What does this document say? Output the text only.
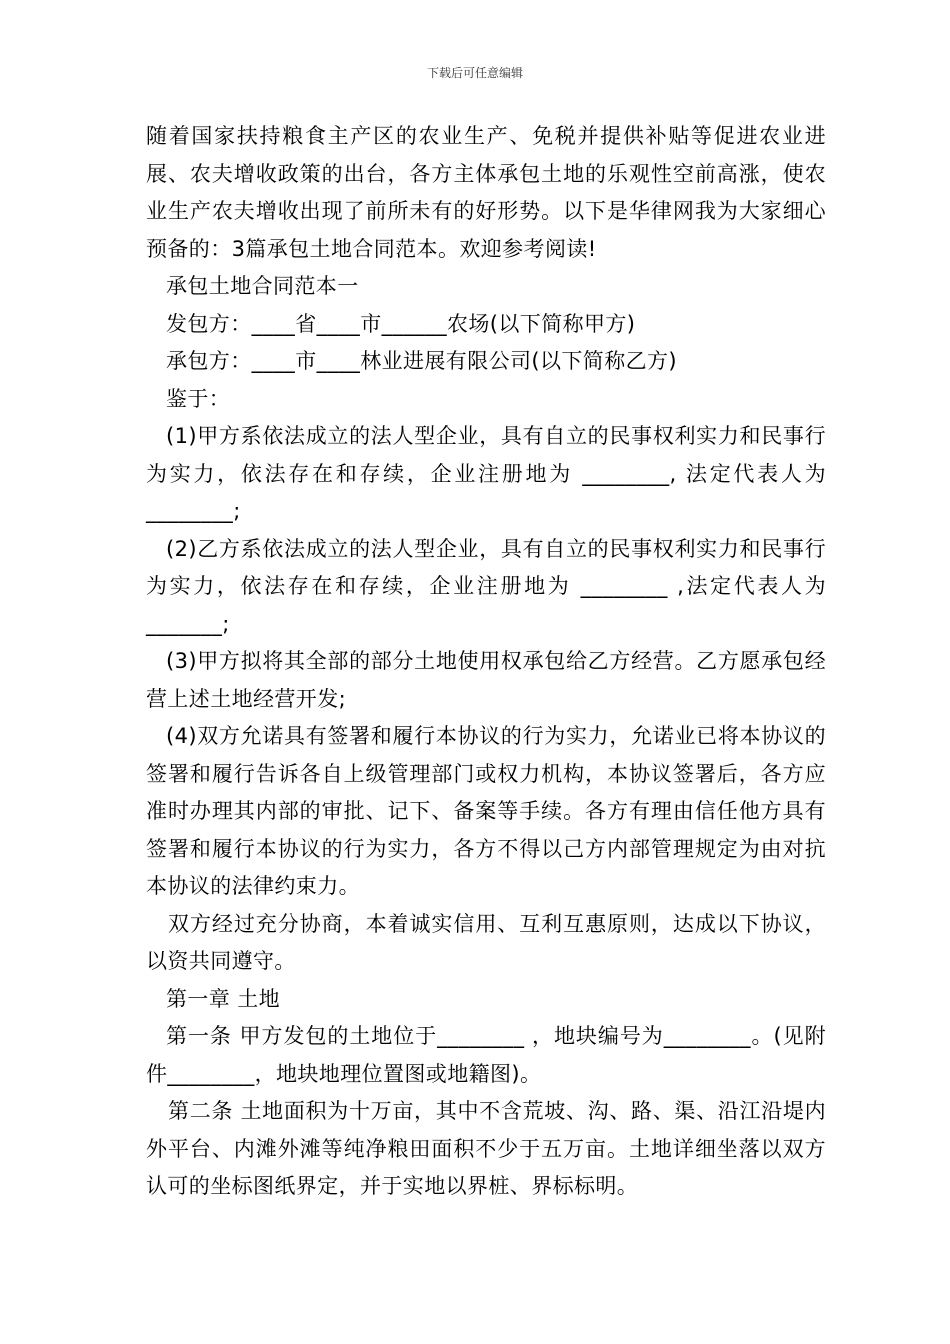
下载后可任意编辑

随着国家扶持粮食主产区的农业生产、免税并提供补贴等促进农业进展、农夫增收政策的出台，各方主体承包土地的乐观性空前高涨，使农业生产农夫增收出现了前所未有的好形势。以下是华律网我为大家细心预备的：3篇承包土地合同范本。欢迎参考阅读!

承包土地合同范本一

发包方：____省____市______农场(以下简称甲方)

承包方：____市____林业进展有限公司(以下简称乙方)

鉴于：

(1)甲方系依法成立的法人型企业，具有自立的民事权利实力和民事行为实力，依法存在和存续，企业注册地为 ________, 法定代表人为________;

(2)乙方系依法成立的法人型企业，具有自立的民事权利实力和民事行为实力，依法存在和存续，企业注册地为 ________ ,法定代表人为_______;

(3)甲方拟将其全部的部分土地使用权承包给乙方经营。乙方愿承包经营上述土地经营开发;

(4)双方允诺具有签署和履行本协议的行为实力，允诺业已将本协议的签署和履行告诉各自上级管理部门或权力机构，本协议签署后，各方应准时办理其内部的审批、记下、备案等手续。各方有理由信任他方具有签署和履行本协议的行为实力，各方不得以己方内部管理规定为由对抗本协议的法律约束力。

双方经过充分协商，本着诚实信用、互利互惠原则，达成以下协议，以资共同遵守。

第一章 土地

第一条 甲方发包的土地位于________ ，地块编号为________。(见附件________，地块地理位置图或地籍图)。

第二条 土地面积为十万亩，其中不含荒坡、沟、路、渠、沿江沿堤内外平台、内滩外滩等纯净粮田面积不少于五万亩。土地详细坐落以双方认可的坐标图纸界定，并于实地以界桩、界标标明。
